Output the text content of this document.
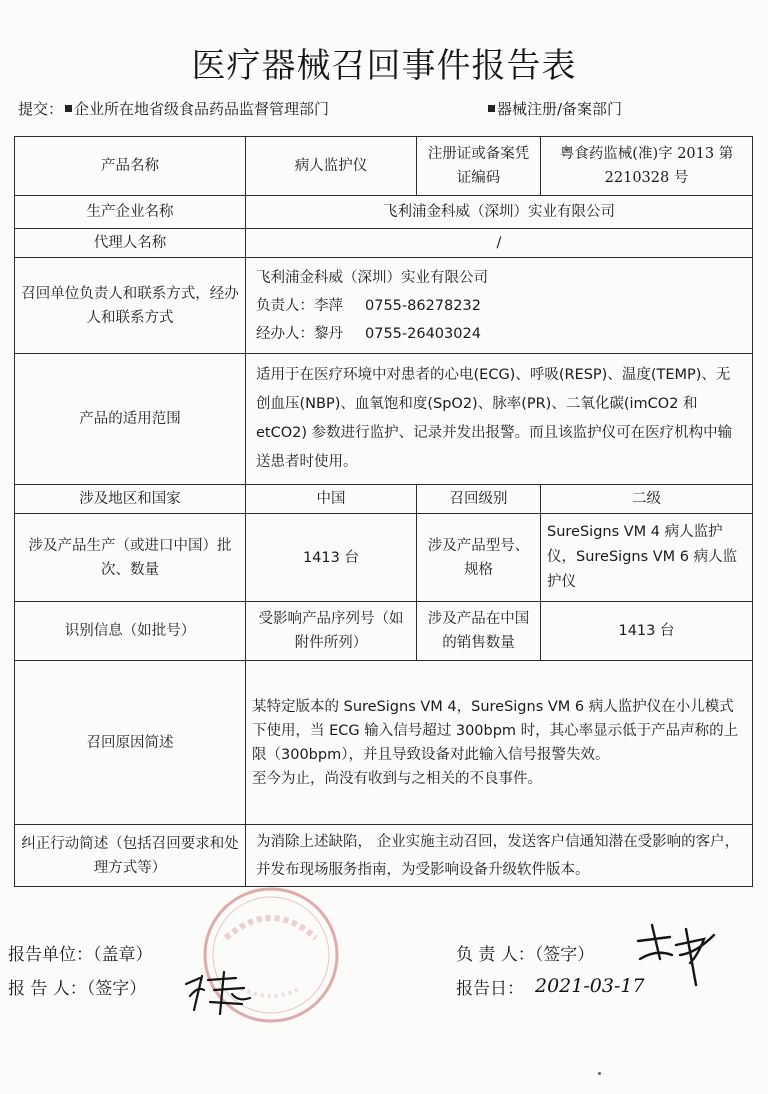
医疗器械召回事件报告表
提交： 企业所在地省级食品药品监督管理部门	器械注册/备案部门
产品名称	病人监护仪	注册证或备案凭证编码	粤食药监械(准)字 2013 第 2210328 号
生产企业名称	飞利浦金科威（深圳）实业有限公司		
代理人名称	/		
召回单位负责人和联系方式，经办人和联系方式	飞利浦金科威（深圳）实业有限公司
负责人：李萍 0755-86278232
经办人：黎丹 0755-26403024		

产品的适用范围	适用于在医疗环境中对患者的心电(ECG)、呼吸(RESP)、温度(TEMP)、无创血压(NBP)、血氧饱和度(SpO2)、脉率(PR)、二氧化碳(imCO2 和 etCO2) 参数进行监护、记录并发出报警。而且该监护仪可在医疗机构中输送患者时使用。		
涉及地区和国家	中国	召回级别	二级
涉及产品生产（或进口中国）批次、数量	1413 台	涉及产品型号、规格	SureSigns VM 4 病人监护仪，SureSigns VM 6 病人监护仪
识别信息（如批号）	受影响产品序列号（如附件所列）	涉及产品在中国的销售数量	1413 台
召回原因简述	某特定版本的 SureSigns VM 4，SureSigns VM 6 病人监护仪在小儿模式下使用，当 ECG 输入信号超过 300bpm 时，其心率显示低于产品声称的上限（300bpm），并且导致设备对此输入信号报警失效。
至今为止，尚没有收到与之相关的不良事件。		

纠正行动简述（包括召回要求和处理方式等）	为消除上述缺陷， 企业实施主动召回，发送客户信通知潜在受影响的客户，并发布现场服务指南，为受影响设备升级软件版本。		
报告单位：（盖章）
报 告 人：（签字）
负 责 人：（签字）
报告日： 2021-03-17
